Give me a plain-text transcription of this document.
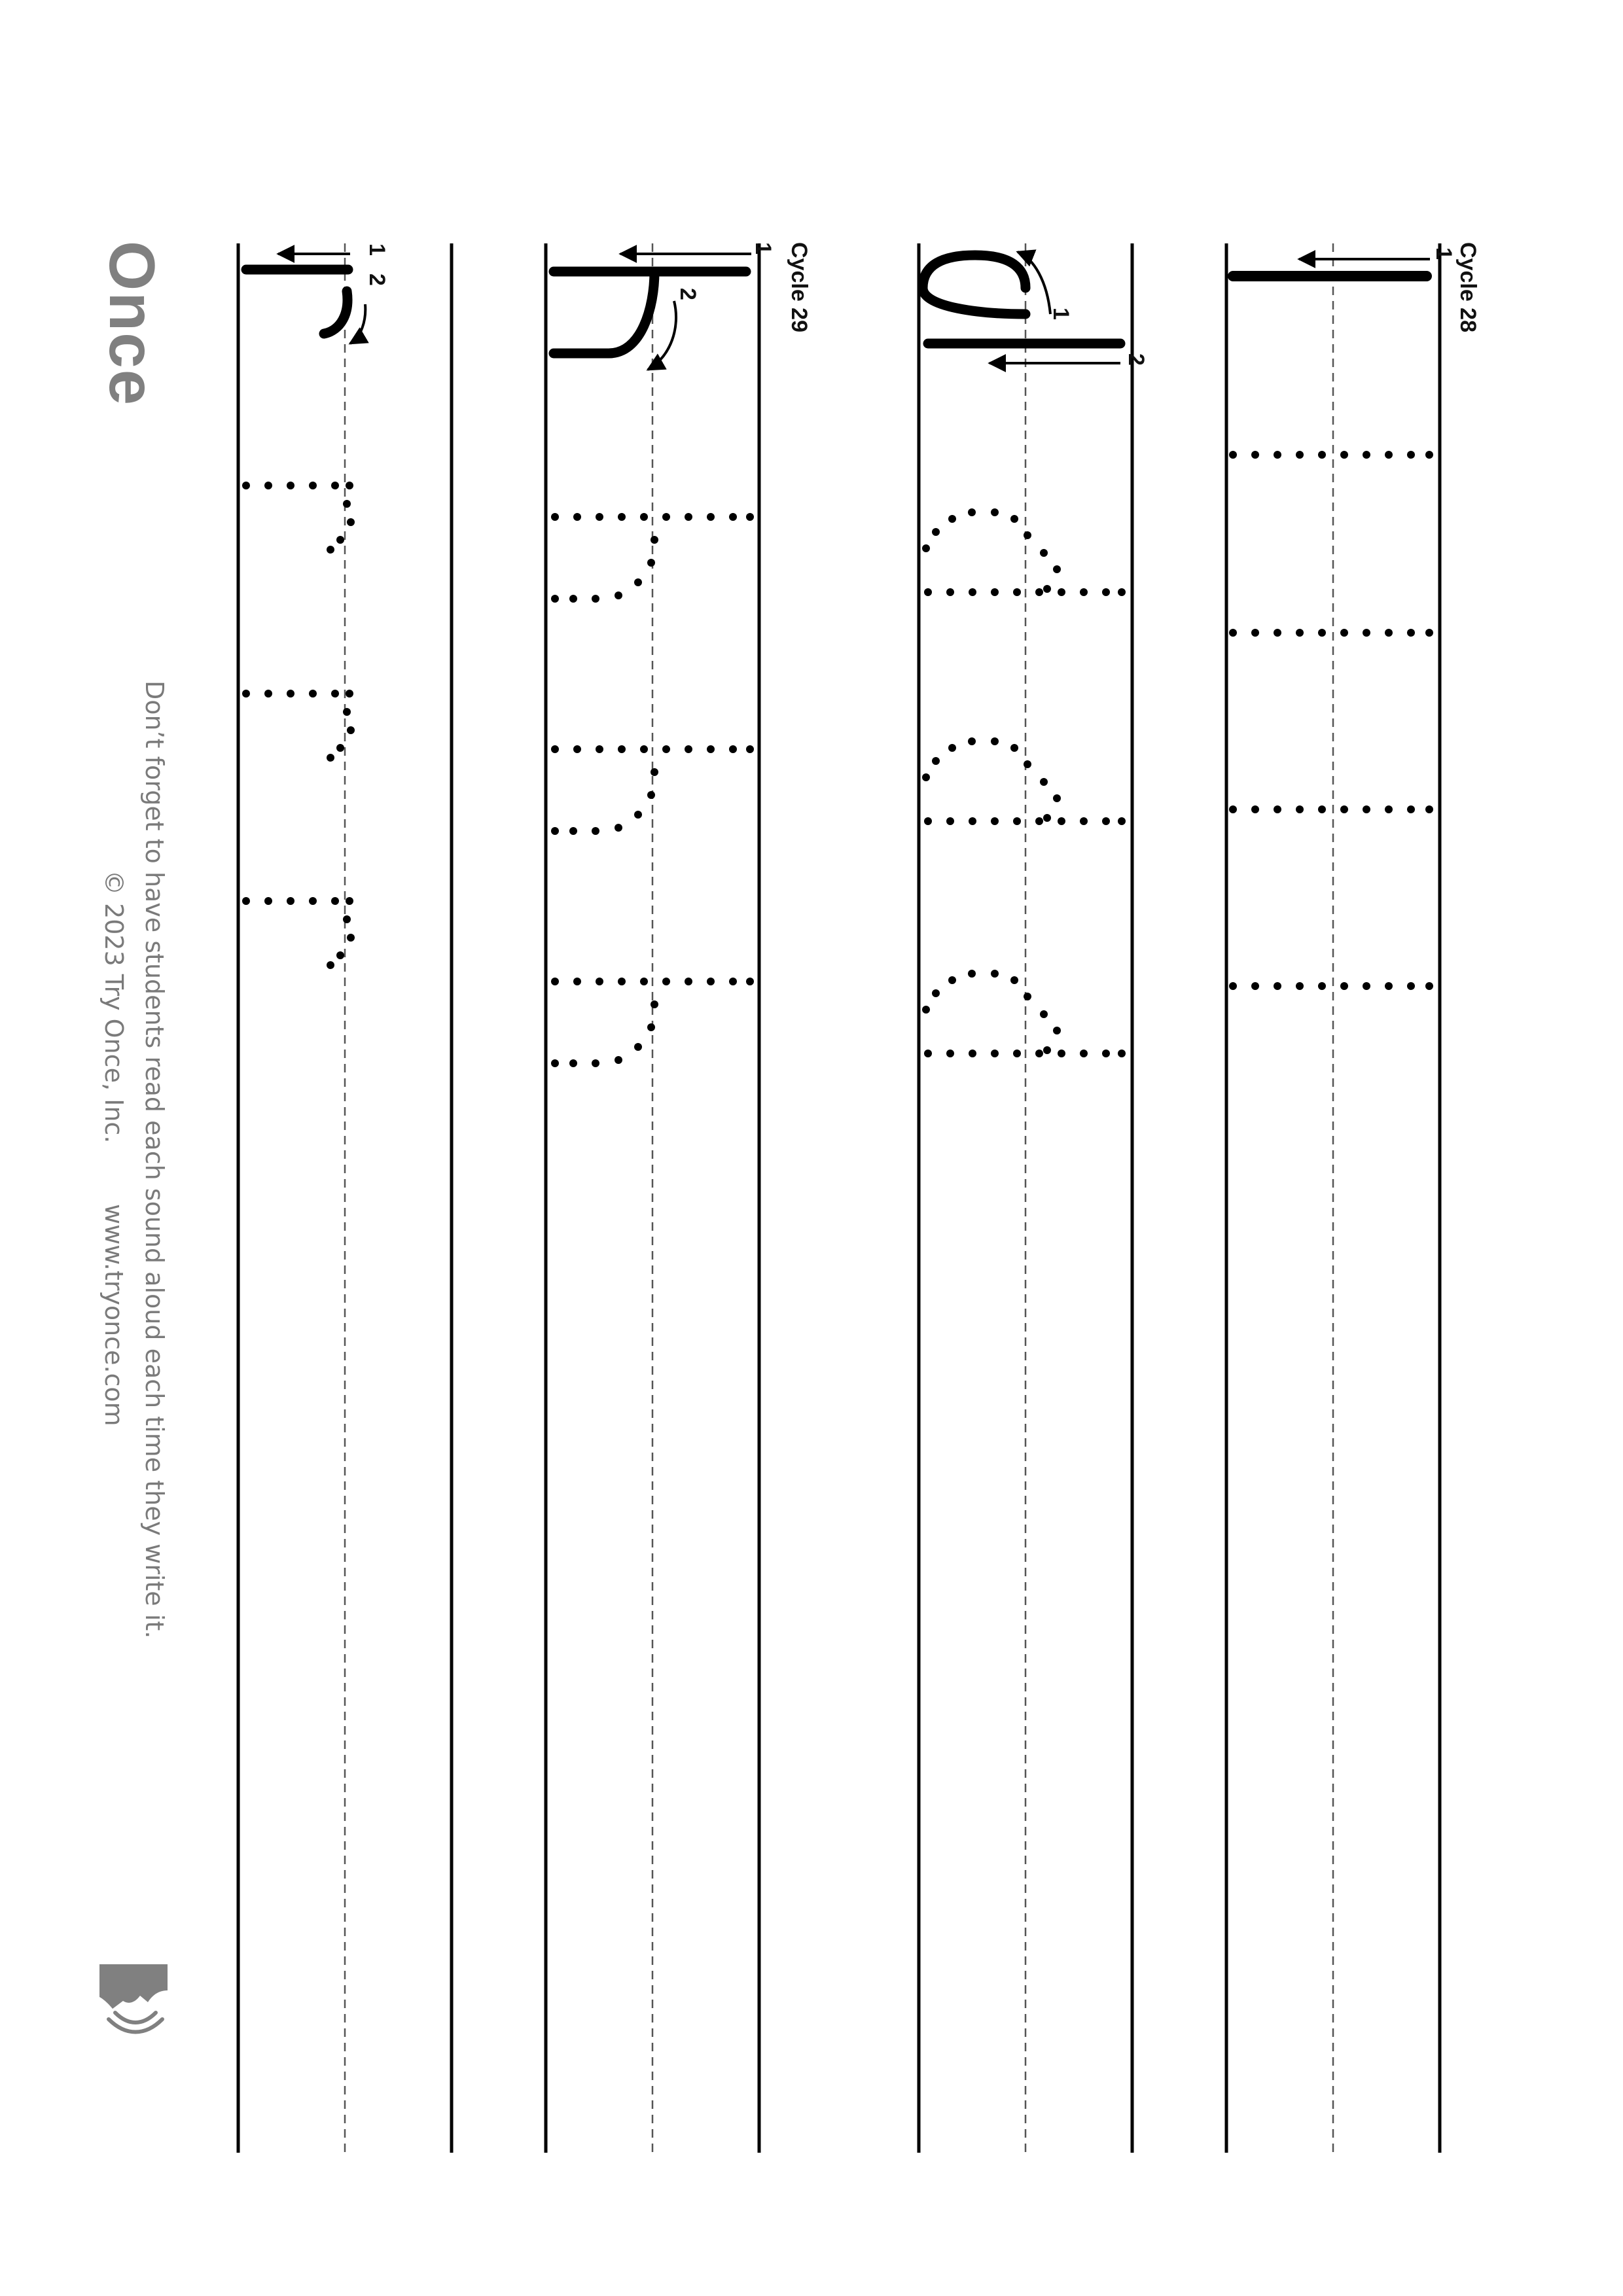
Cycle 28
Cycle 29
Once
Don’t forget to have students read each sound aloud each time they write it.
© 2023 Try Once, Inc.
www.tryonce.com
1
1
2
1
2
1
2
